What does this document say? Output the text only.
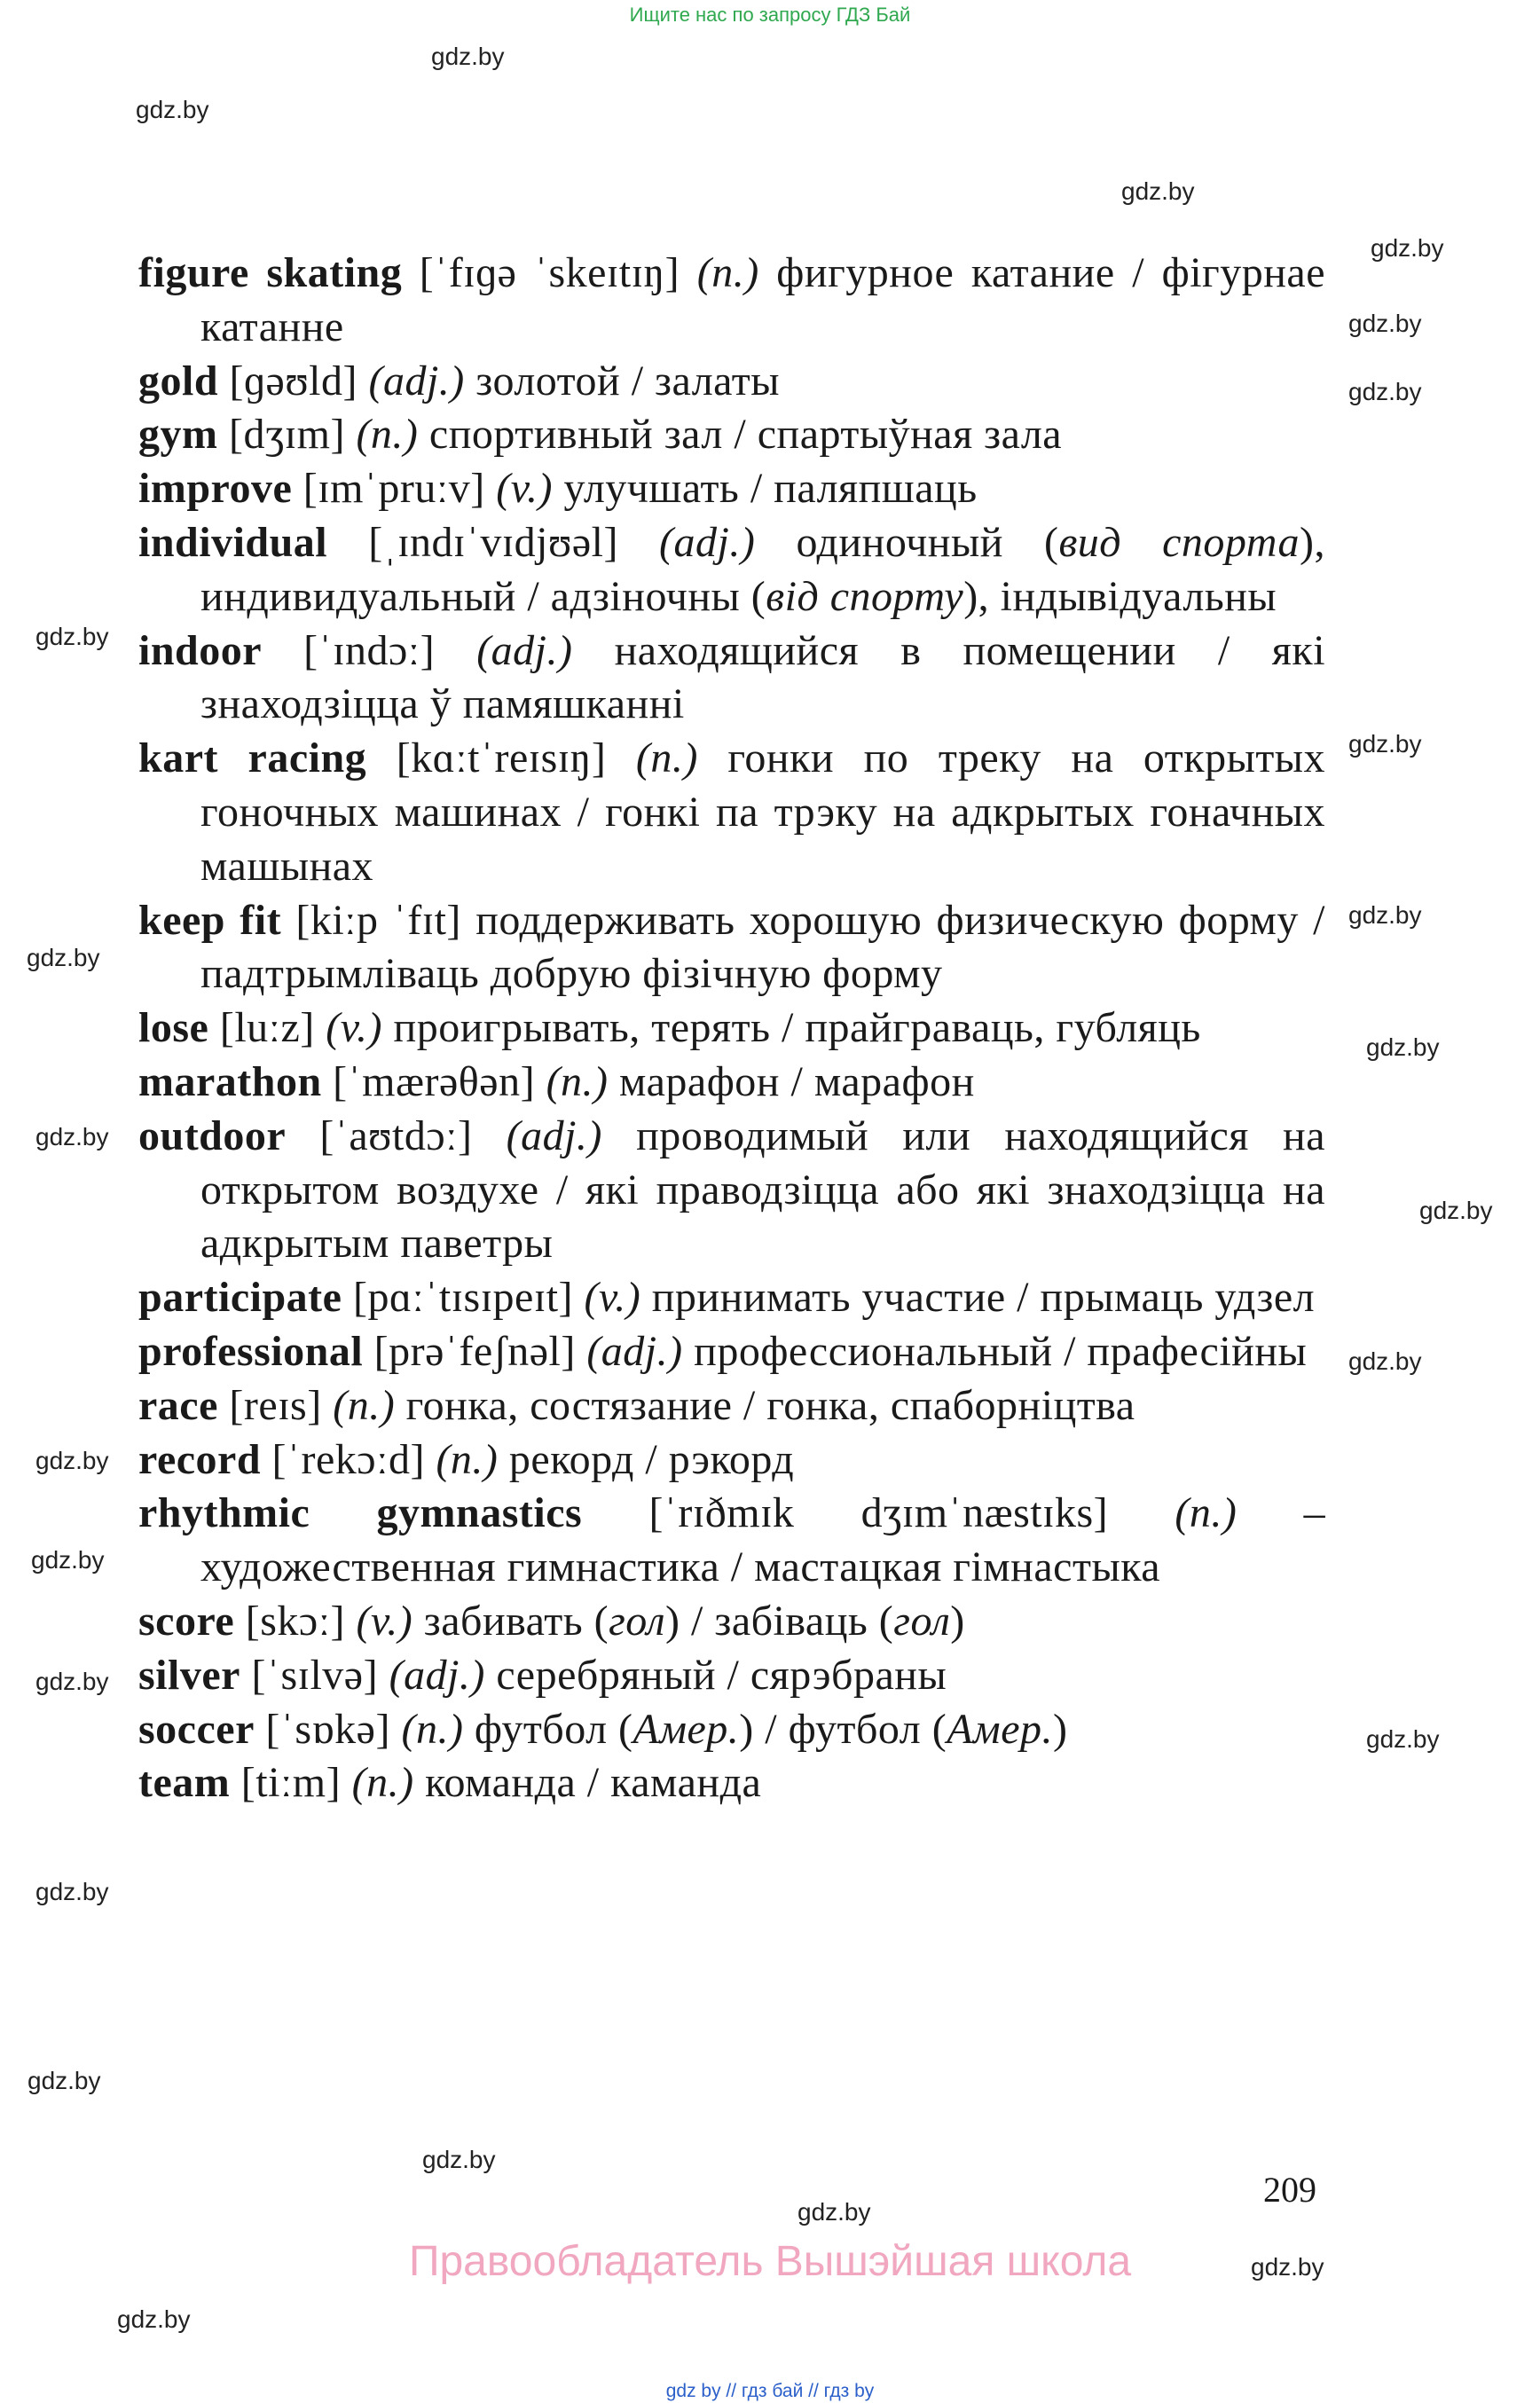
Ищите нас по запросу ГДЗ Бай
gdz.by
gdz.by
gdz.by
gdz.by
gdz.by
gdz.by
gdz.by
gdz.by
gdz.by
gdz.by
gdz.by
gdz.by
gdz.by
gdz.by
gdz.by
gdz.by
gdz.by
gdz.by
gdz.by
gdz.by
gdz.by
gdz.by
gdz.by
gdz.by
figure skating [ˈfɪɡə ˈskeɪtɪŋ] (n.) фигурное катание / фігурнае катанне
gold [ɡəʊld] (adj.) золотой / залаты
gym [dʒɪm] (n.) спортивный зал / спартыўная зала
improve [ɪmˈpruːv] (v.) улучшать / паляпшаць
individual [ˌɪndɪˈvɪdjʊəl] (adj.) одиночный (вид спорта), индивидуальный / адзіночны (від спорту), індывідуальны
indoor [ˈɪndɔː] (adj.) находящийся в помещении / які знаходзіцца ў памяшканні
kart racing [kɑːtˈreɪsɪŋ] (n.) гонки по треку на открытых гоночных машинах / гонкі па трэку на адкрытых гоначных машынах
keep fit [kiːp ˈfɪt] поддерживать хорошую физическую форму / падтрымліваць добрую фізічную форму
lose [luːz] (v.) проигрывать, терять / прайграваць, губляць
marathon [ˈmærəθən] (n.) марафон / марафон
outdoor [ˈaʊtdɔː] (adj.) проводимый или находящийся на открытом воздухе / які праводзіцца або які знаходзіцца на адкрытым паветры
participate [pɑːˈtɪsɪpeɪt] (v.) принимать участие / прымаць удзел
professional [prəˈfeʃnəl] (adj.) профессиональный / прафесійны
race [reɪs] (n.) гонка, состязание / гонка, спаборніцтва
record [ˈrekɔːd] (n.) рекорд / рэкорд
rhythmic gymnastics [ˈrɪðmɪk dʒɪmˈnæstɪks] (n.) – художественная гимнастика / мастацкая гімнастыка
score [skɔː] (v.) забивать (гол) / забіваць (гол)
silver [ˈsɪlvə] (adj.) серебряный / сярэбраны
soccer [ˈsɒkə] (n.) футбол (Амер.) / футбол (Амер.)
team [tiːm] (n.) команда / каманда
209
Правообладатель Вышэйшая школа
gdz by // гдз бай // гдз by
